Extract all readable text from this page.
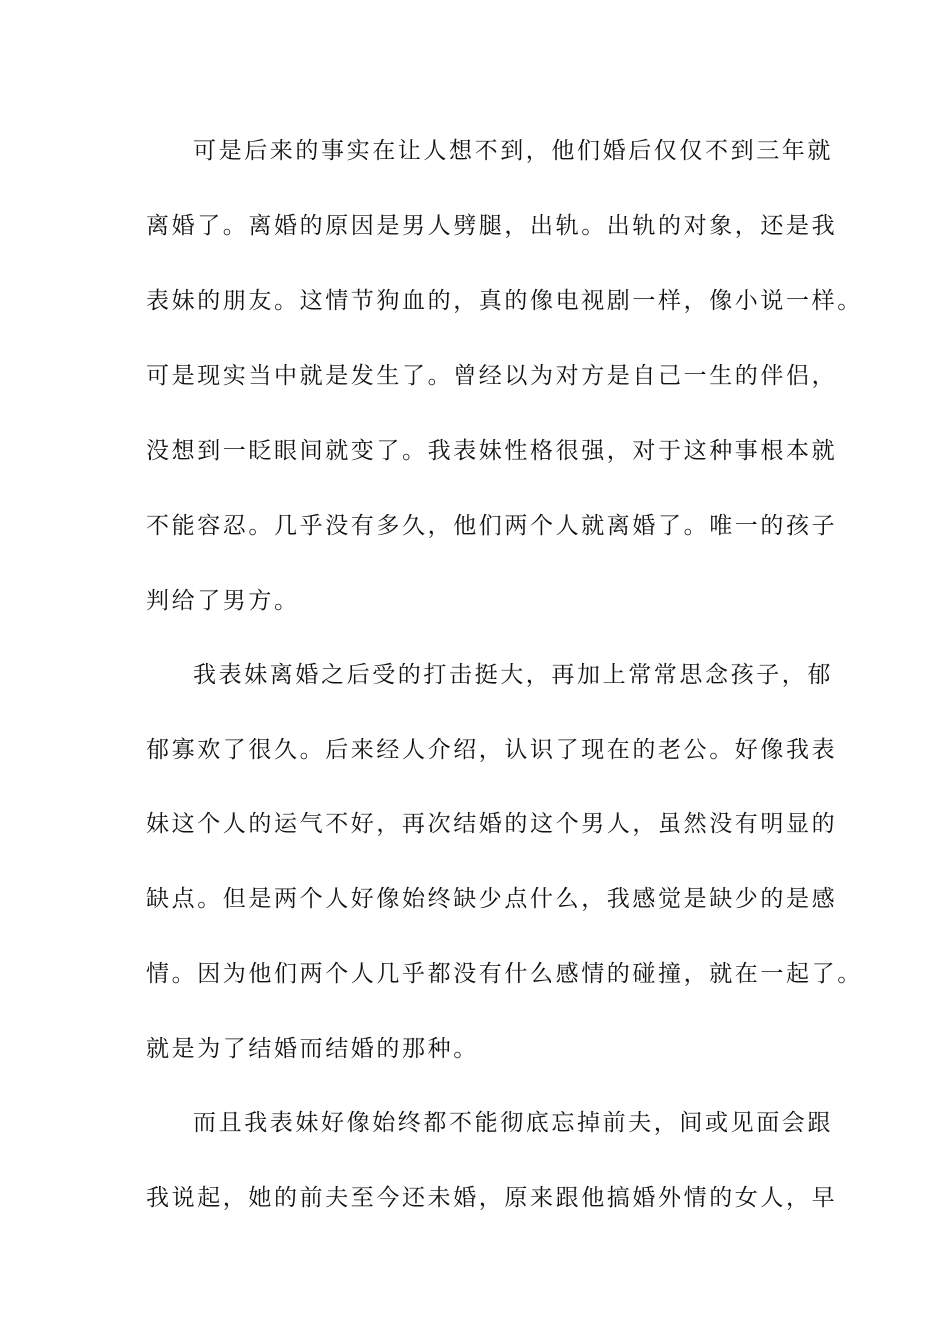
可是后来的事实在让人想不到，他们婚后仅仅不到三年就
离婚了。离婚的原因是男人劈腿，出轨。出轨的对象，还是我
表妹的朋友。这情节狗血的，真的像电视剧一样，像小说一样。
可是现实当中就是发生了。曾经以为对方是自己一生的伴侣，
没想到一眨眼间就变了。我表妹性格很强，对于这种事根本就
不能容忍。几乎没有多久，他们两个人就离婚了。唯一的孩子
判给了男方。
我表妹离婚之后受的打击挺大，再加上常常思念孩子，郁
郁寡欢了很久。后来经人介绍，认识了现在的老公。好像我表
妹这个人的运气不好，再次结婚的这个男人，虽然没有明显的
缺点。但是两个人好像始终缺少点什么，我感觉是缺少的是感
情。因为他们两个人几乎都没有什么感情的碰撞，就在一起了。
就是为了结婚而结婚的那种。
而且我表妹好像始终都不能彻底忘掉前夫，间或见面会跟
我说起，她的前夫至今还未婚，原来跟他搞婚外情的女人，早
